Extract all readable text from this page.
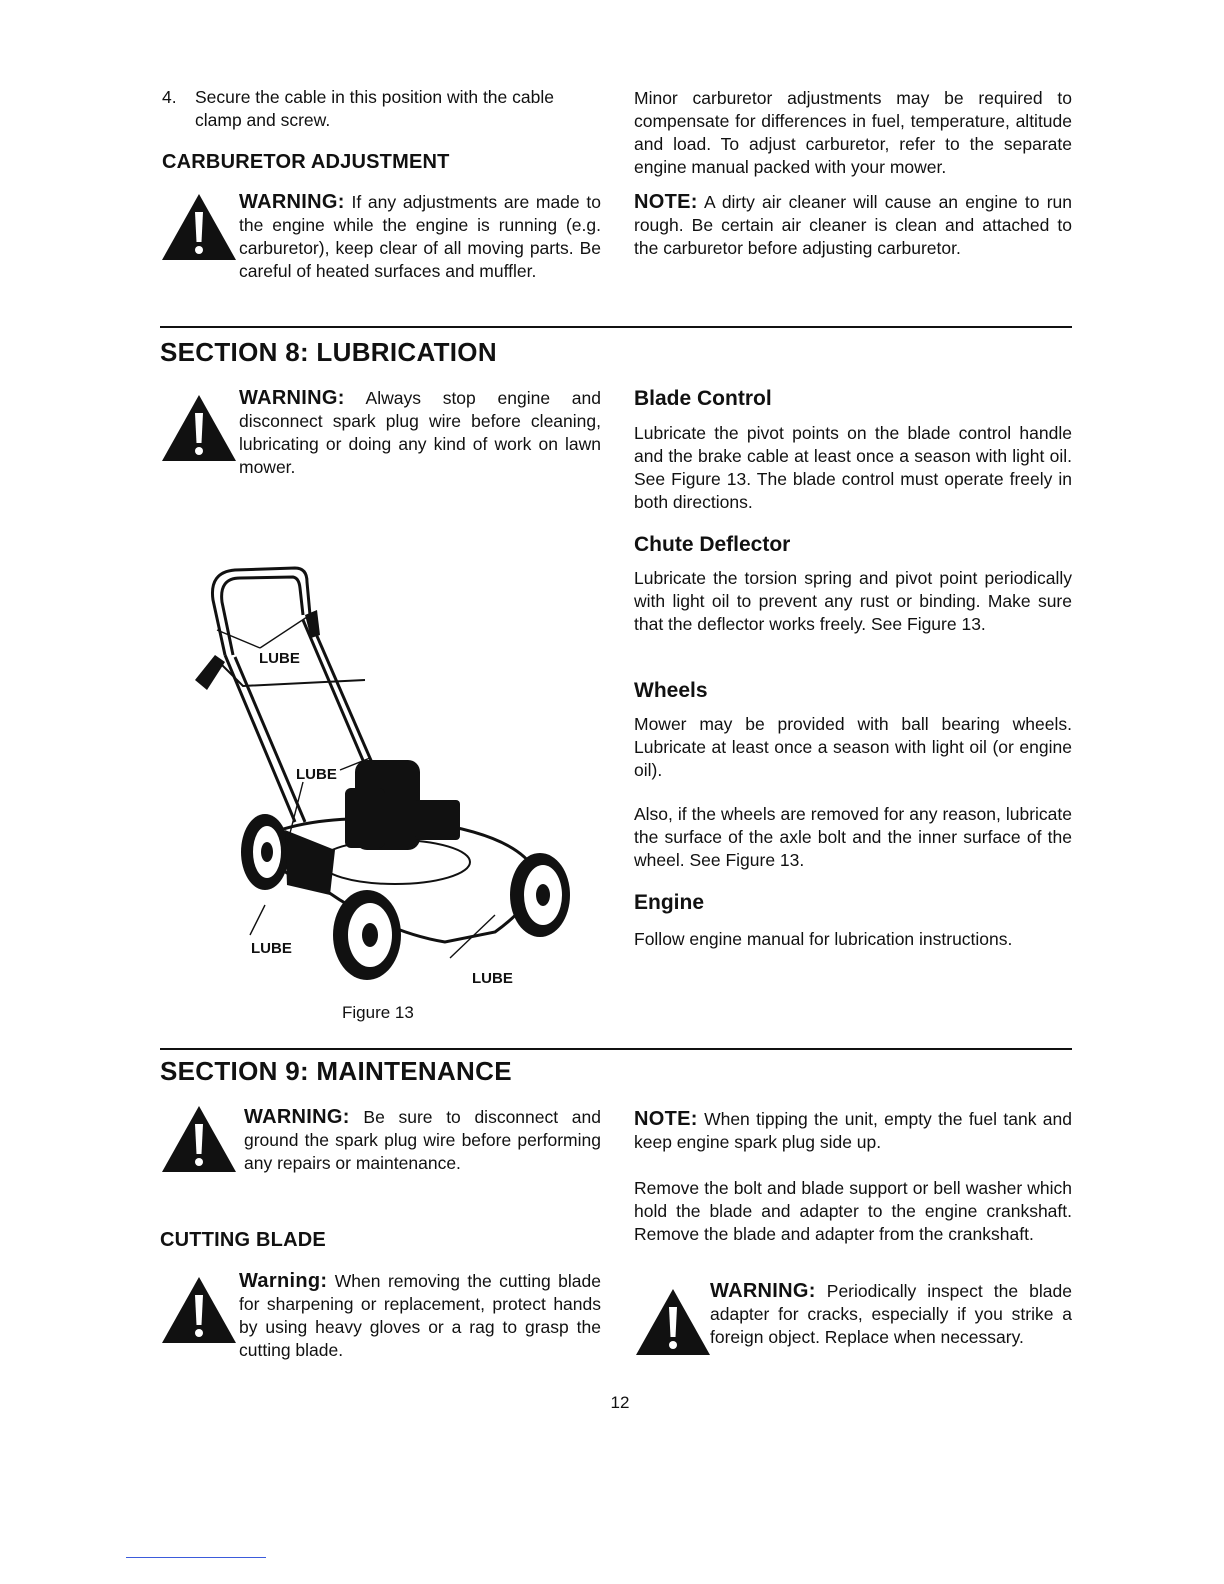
4.	Secure the cable in this position with the cable clamp and screw.
CARBURETOR ADJUSTMENT
WARNING: If any adjustments are made to the engine while the engine is running (e.g. carburetor), keep clear of all moving parts. Be careful of heated surfaces and muffler.
Minor carburetor adjustments may be required to compensate for differences in fuel, temperature, altitude and load. To adjust carburetor, refer to the separate engine manual packed with your mower.
NOTE: A dirty air cleaner will cause an engine to run rough. Be certain air cleaner is clean and attached to the carburetor before adjusting carburetor.
SECTION 8: LUBRICATION
WARNING: Always stop engine and disconnect spark plug wire before cleaning, lubricating or doing any kind of work on lawn mower.
LUBE
LUBE
LUBE
LUBE
Figure 13
Blade Control
Lubricate the pivot points on the blade control handle and the brake cable at least once a season with light oil. See Figure 13. The blade control must operate freely in both directions.
Chute Deflector
Lubricate the torsion spring and pivot point periodically with light oil to prevent any rust or binding. Make sure that the deflector works freely. See Figure 13.
Wheels
Mower may be provided with ball bearing wheels. Lubricate at least once a season with light oil (or engine oil).
Also, if the wheels are removed for any reason, lubricate the surface of the axle bolt and the inner surface of the wheel. See Figure 13.
Engine
Follow engine manual for lubrication instructions.
SECTION 9: MAINTENANCE
WARNING: Be sure to disconnect and ground the spark plug wire before performing any repairs or maintenance.
CUTTING BLADE
Warning: When removing the cutting blade for sharpening or replacement, protect hands by using heavy gloves or a rag to grasp the cutting blade.
NOTE: When tipping the unit, empty the fuel tank and keep engine spark plug side up.
Remove the bolt and blade support or bell washer which hold the blade and adapter to the engine crankshaft. Remove the blade and adapter from the crankshaft.
WARNING: Periodically inspect the blade adapter for cracks, especially if you strike a foreign object. Replace when necessary.
12
